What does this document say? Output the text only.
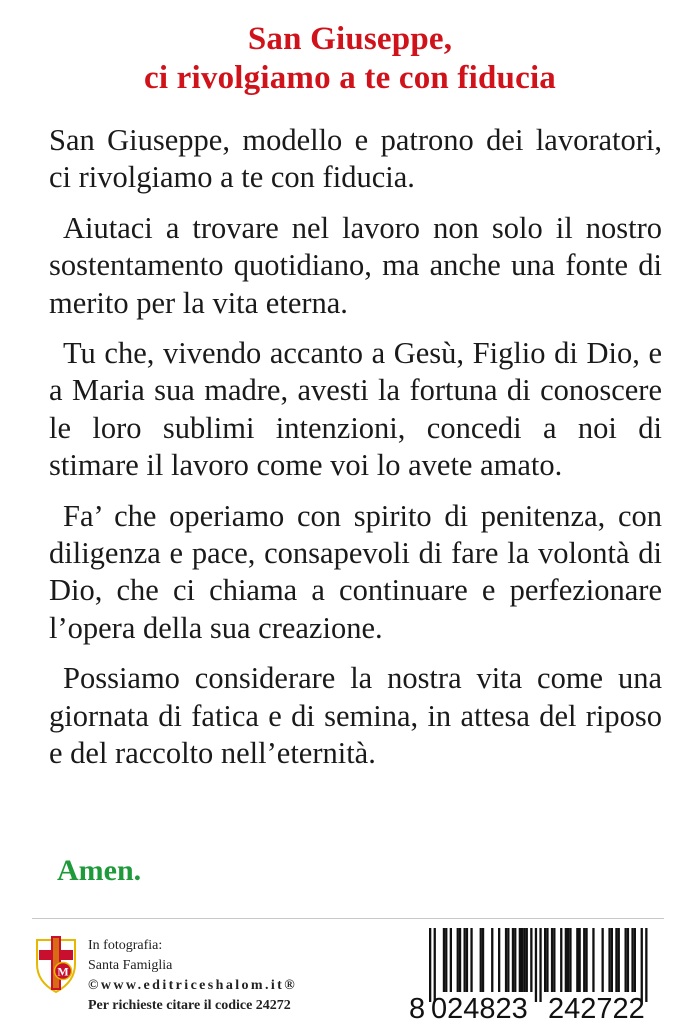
San Giuseppe,
ci rivolgiamo a te con fiducia

San Giuseppe, modello e patrono dei lavoratori, ci rivolgiamo a te con fiducia.

Aiutaci a trovare nel lavoro non solo il nostro sostentamento quotidiano, ma anche una fonte di merito per la vita eterna.

Tu che, vivendo accanto a Gesù, Figlio di Dio, e a Maria sua madre, avesti la fortuna di conoscere le loro sublimi intenzioni, concedi a noi di stimare il lavoro come voi lo avete amato.

Fa’ che operiamo con spirito di penitenza, con diligenza e pace, consapevoli di fare la volontà di Dio, che ci chiama a continuare e perfezionare l’opera della sua creazione.

Possiamo considerare la nostra vita come una giornata di fatica e di semina, in attesa del riposo e del raccolto nell’eternità.

Amen.
M
In fotografia:
Santa Famiglia
©www.editriceshalom.it®
Per richieste citare il codice 24272	8 024823 242722
